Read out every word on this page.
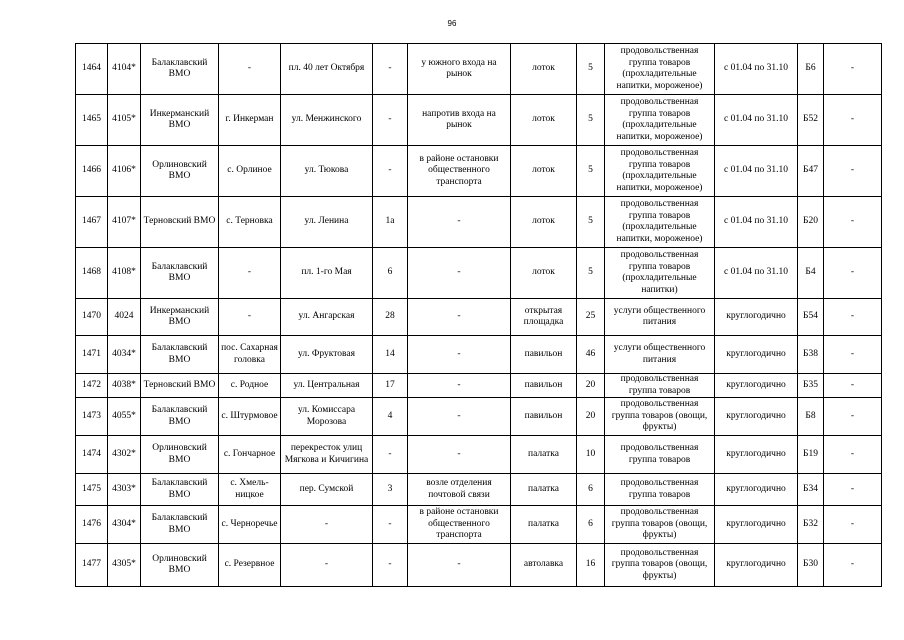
96
1464	4104*	Балаклавский ВМО	-	пл. 40 лет Октября	-	у южного входа на рынок	лоток	5	продовольственная группа товаров (прохладительные напитки, мороженое)	с 01.04 по 31.10	Б6	-
1465	4105*	Инкерманский ВМО	г. Инкерман	ул. Менжинского	-	напротив входа на рынок	лоток	5	продовольственная группа товаров (прохладительные напитки, мороженое)	с 01.04 по 31.10	Б52	-
1466	4106*	Орлиновский ВМО	с. Орлиное	ул. Тюкова	-	в районе остановки общественного транспорта	лоток	5	продовольственная группа товаров (прохладительные напитки, мороженое)	с 01.04 по 31.10	Б47	-
1467	4107*	Терновский ВМО	с. Терновка	ул. Ленина	1а	-	лоток	5	продовольственная группа товаров (прохладительные напитки, мороженое)	с 01.04 по 31.10	Б20	-
1468	4108*	Балаклавский ВМО	-	пл. 1-го Мая	6	-	лоток	5	продовольственная группа товаров (прохладительные напитки)	с 01.04 по 31.10	Б4	-
1470	4024	Инкерманский ВМО	-	ул. Ангарская	28	-	открытая площадка	25	услуги общественного питания	круглогодично	Б54	-
1471	4034*	Балаклавский ВМО	пос. Сахарная головка	ул. Фруктовая	14	-	павильон	46	услуги общественного питания	круглогодично	Б38	-
1472	4038*	Терновский ВМО	с. Родное	ул. Центральная	17	-	павильон	20	продовольственная группа товаров	круглогодично	Б35	-
1473	4055*	Балаклавский ВМО	с. Штурмовое	ул. Комиссара Морозова	4	-	павильон	20	продовольственная группа товаров (овощи, фрукты)	круглогодично	Б8	-
1474	4302*	Орлиновский ВМО	с. Гончарное	перекресток улиц Мягкова и Кичигина	-	-	палатка	10	продовольственная группа товаров	круглогодично	Б19	-
1475	4303*	Балаклавский ВМО	с. Хмель-ницкое	пер. Сумской	3	возле отделения почтовой связи	палатка	6	продовольственная группа товаров	круглогодично	Б34	-
1476	4304*	Балаклавский ВМО	с. Черноречье	-	-	в районе остановки общественного транспорта	палатка	6	продовольственная группа товаров (овощи, фрукты)	круглогодично	Б32	-
1477	4305*	Орлиновский ВМО	с. Резервное	-	-	-	автолавка	16	продовольственная группа товаров (овощи, фрукты)	круглогодично	Б30	-
